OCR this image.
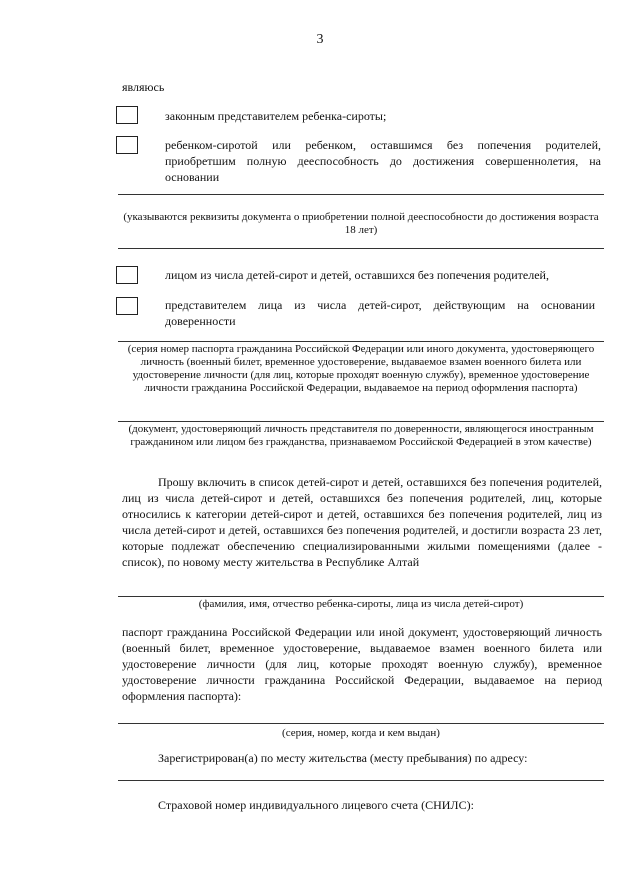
3
являюсь
законным представителем ребенка-сироты;
ребенком-сиротой или ребенком, оставшимся без попечения родителей, приобретшим полную дееспособность до достижения совершеннолетия, на основании
(указываются реквизиты документа о приобретении полной дееспособности до достижения возраста 18 лет)
лицом из числа детей-сирот и детей, оставшихся без попечения родителей,
представителем лица из числа детей-сирот, действующим на основании доверенности
(серия номер паспорта гражданина Российской Федерации или иного документа, удостоверяющего личность (военный билет, временное удостоверение, выдаваемое взамен военного билета или удостоверение личности (для лиц, которые проходят военную службу), временное удостоверение личности гражданина Российской Федерации, выдаваемое на период оформления паспорта)
(документ, удостоверяющий личность представителя по доверенности, являющегося иностранным гражданином или лицом без гражданства, признаваемом Российской Федерацией в этом качестве)
Прошу включить в список детей-сирот и детей, оставшихся без попечения родителей, лиц из числа детей-сирот и детей, оставшихся без попечения родителей, лиц, которые относились к категории детей-сирот и детей, оставшихся без попечения родителей, лиц из числа детей-сирот и детей, оставшихся без попечения родителей, и достигли возраста 23 лет, которые подлежат обеспечению специализированными жилыми помещениями (далее - список), по новому месту жительства в Республике Алтай
(фамилия, имя, отчество ребенка-сироты, лица из числа детей-сирот)
паспорт гражданина Российской Федерации или иной документ, удостоверяющий личность (военный билет, временное удостоверение, выдаваемое взамен военного билета или удостоверение личности (для лиц, которые проходят военную службу), временное удостоверение личности гражданина Российской Федерации, выдаваемое на период оформления паспорта):
(серия, номер, когда и кем выдан)
Зарегистрирован(а) по месту жительства (месту пребывания) по адресу:
Страховой номер индивидуального лицевого счета (СНИЛС):
